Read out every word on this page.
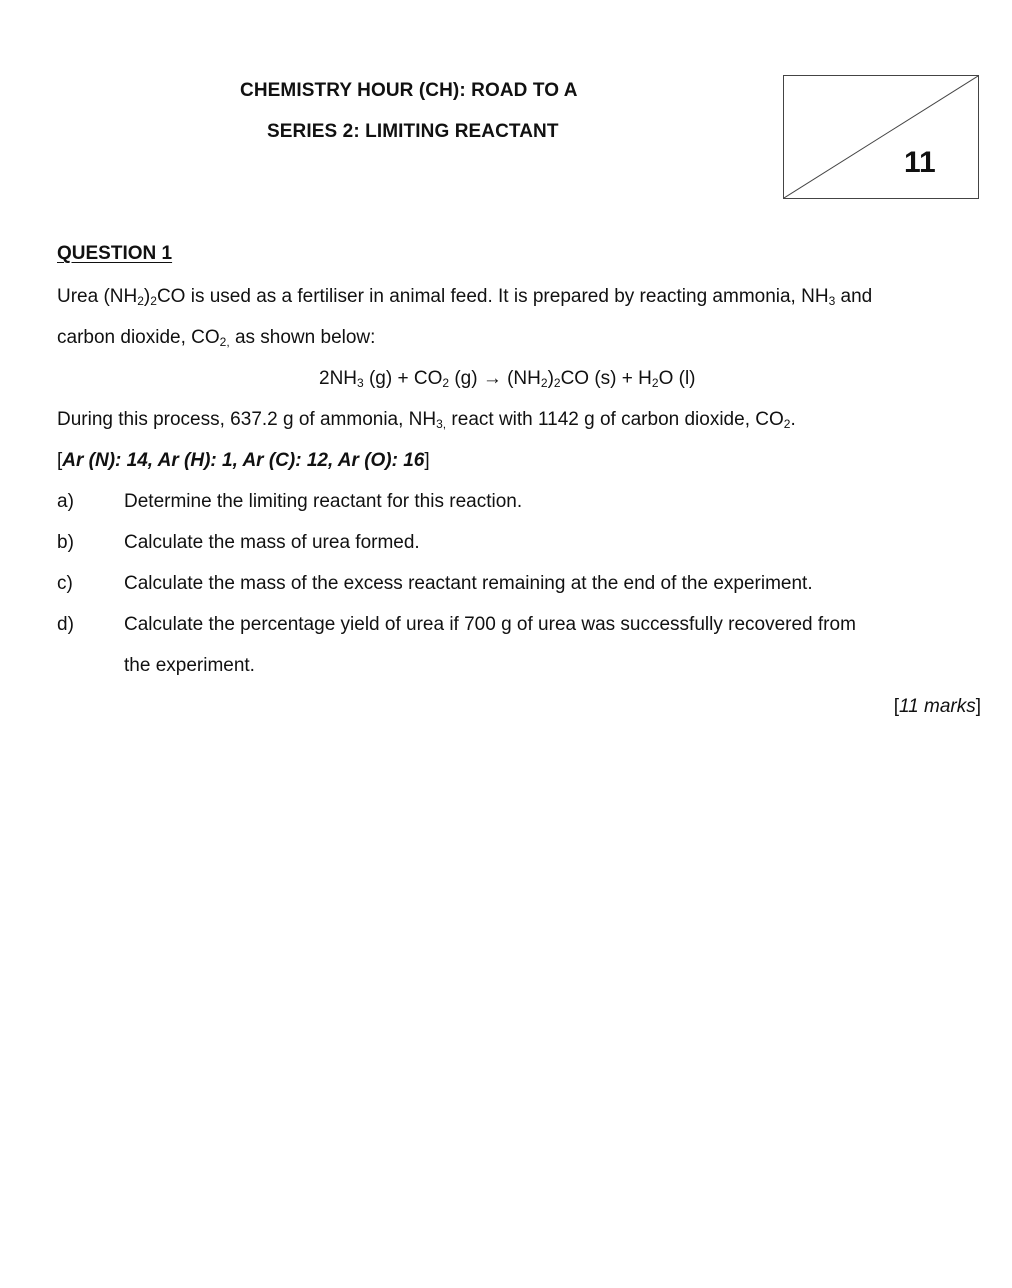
CHEMISTRY HOUR (CH): ROAD TO A
SERIES 2: LIMITING REACTANT
11
QUESTION 1
Urea $(NH_2)_2CO$ is used as a fertiliser in animal feed. It is prepared by reacting ammonia, $NH_3$ and
carbon dioxide, $CO_{2,}$ as shown below:
$2NH_3$ $(g) + CO_2$ $(g) \to (NH_2)_2CO$ $(s) + H_2O$ (l)
During this process, 637.2 g of ammonia, $NH_{3,}$ react with 1142 g of carbon dioxide, $CO_2$.
[Ar (N): 14, Ar (H): 1, Ar (C): 12, Ar (O): 16]
a)	Determine the limiting reactant for this reaction.
b)	Calculate the mass of urea formed.
c)	Calculate the mass of the excess reactant remaining at the end of the experiment.
d)	Calculate the percentage yield of urea if 700 g of urea was successfully recovered from
the experiment.
[11 marks]
